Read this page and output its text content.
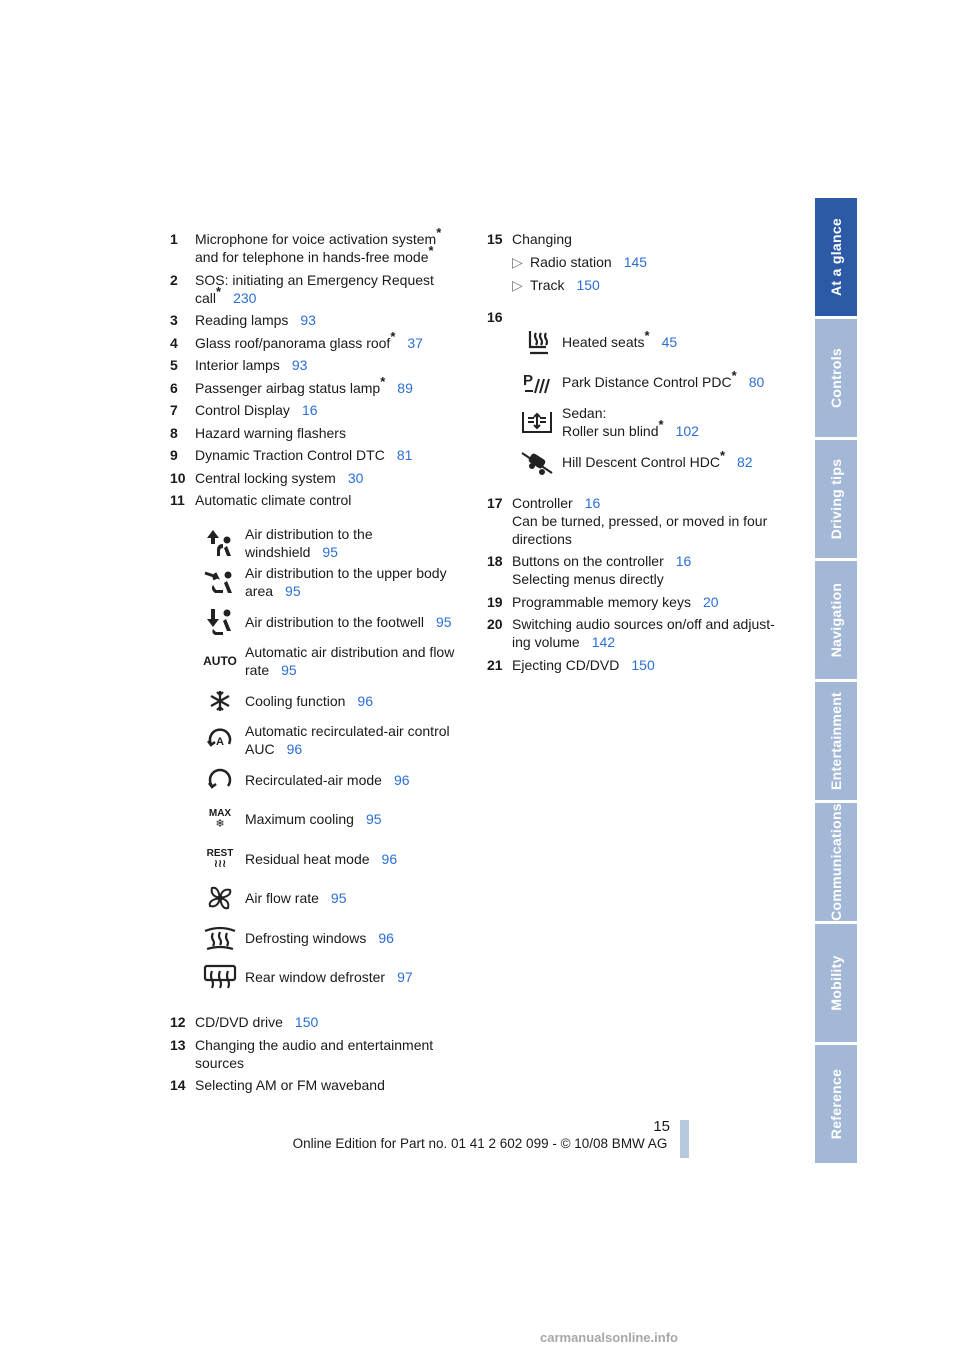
At a glance
Controls
Driving tips
Navigation
Entertainment
Communications
Mobility
Reference
1	Microphone for voice activation system*
and for telephone in hands-free mode*
2	SOS: initiating an Emergency Request
call* 230
3	Reading lamps 93
4	Glass roof/panorama glass roof* 37
5	Interior lamps 93
6	Passenger airbag status lamp* 89
7	Control Display 16
8	Hazard warning flashers
9	Dynamic Traction Control DTC 81
10 Central locking system 30
11 Automatic climate control
Air distribution to the
windshield 95
Air distribution to the upper body
area 95
Air distribution to the footwell 95
AUTO
Automatic air distribution and flow
rate 95
Cooling function 96
A
Automatic recirculated-air control
AUC 96
Recirculated-air mode 96
MAX
❄ Maximum cooling 95
REST
≀≀≀ Residual heat mode 96
Air flow rate 95
Defrosting windows 96
Rear window defroster 97
12 CD/DVD drive 150
13 Changing the audio and entertainment
sources
14 Selecting AM or FM waveband
15 Changing
▷ Radio station 145
▷ Track 150
16
Heated seats* 45
P Park Distance Control PDC* 80
Sedan:
Roller sun blind* 102
Hill Descent Control HDC* 82
17 Controller 16
Can be turned, pressed, or moved in four
directions
18 Buttons on the controller 16
Selecting menus directly
19 Programmable memory keys 20
20 Switching audio sources on/off and adjust-
ing volume 142
21 Ejecting CD/DVD 150
15
Online Edition for Part no. 01 41 2 602 099 - © 10/08 BMW AG
carmanualsonline.info
